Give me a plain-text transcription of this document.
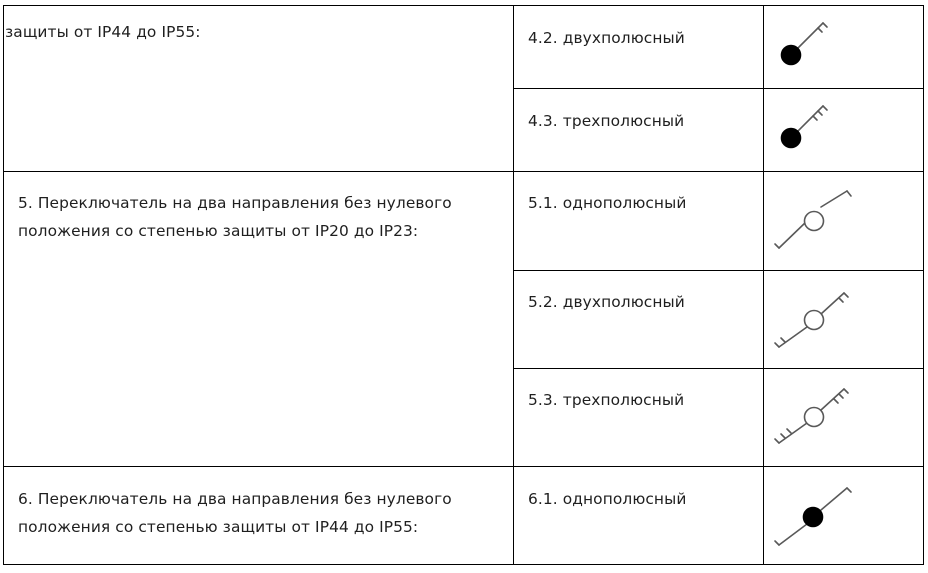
защиты от IP44 до IP55:	4.2. двухполюсный
4.3. трехполюсный
5. Переключатель на два направления без нулевого
положения со степенью защиты от IP20 до IP23:
5.1. однополюсный
5.2. двухполюсный
5.3. трехполюсный
6. Переключатель на два направления без нулевого
положения со степенью защиты от IP44 до IP55:
6.1. однополюсный
